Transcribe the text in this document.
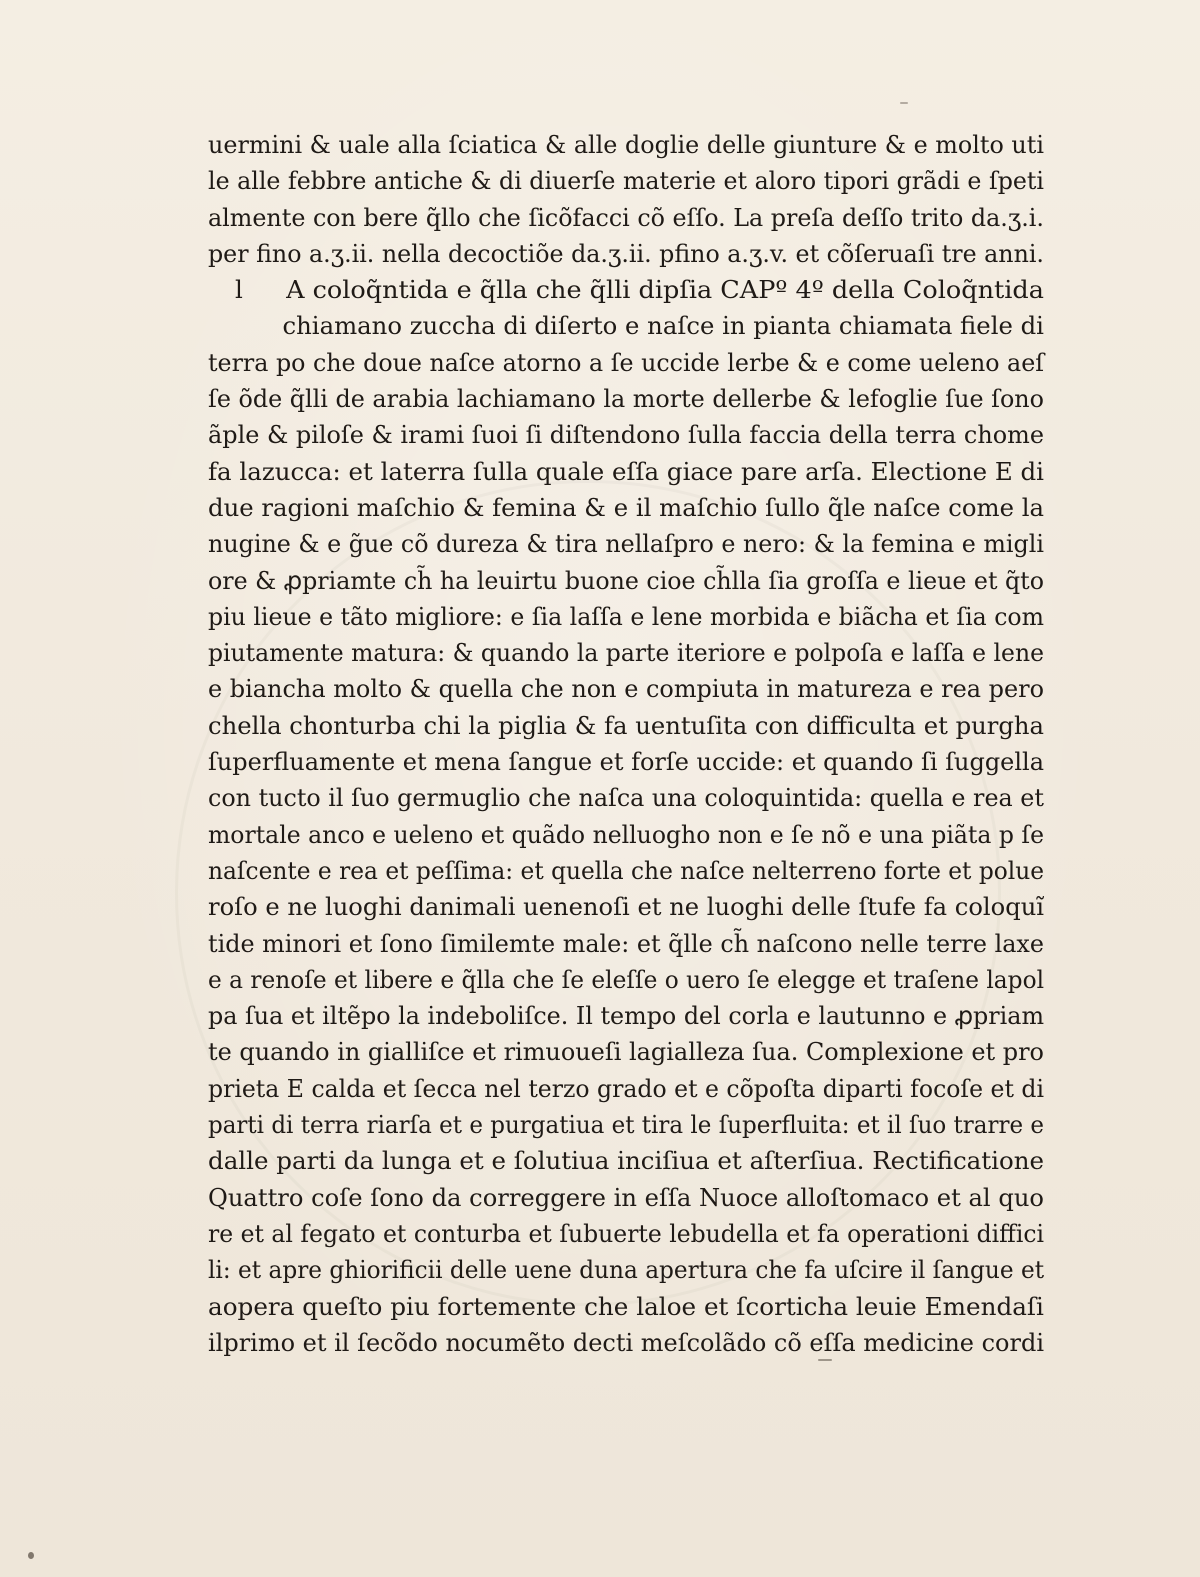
uermini & uale alla ſciatica & alle doglie delle giunture & e molto uti
le alle febbre antiche & di diuerſe materie et aloro tipori grãdi e ſpeti
almente con bere q̃llo che ſicõfacci cõ eſſo. La preſa deſſo trito da.ʒ.i.
per fino a.ʒ.ii. nella decoctiõe da.ʒ.ii. pfino a.ʒ.v. et cõſeruaſi tre anni.
l A coloq̃ntida e q̃lla che q̃lli dipſia CAPº 4º della Coloq̃ntida
chiamano zuccha di diſerto e naſce in pianta chiamata fiele di
terra po che doue naſce atorno a ſe uccide lerbe & e come ueleno aeſ
ſe õde q̃lli de arabia lachiamano la morte dellerbe & lefoglie ſue ſono
ãple & piloſe & irami ſuoi ſi diſtendono ſulla faccia della terra chome
fa lazucca: et laterra ſulla quale eſſa giace pare arſa. Electione E di
due ragioni maſchio & femina & e il maſchio ſullo q̃le naſce come la
nugine & e g̃ue cõ dureza & tira nellaſpro e nero: & la femina e migli
ore & ꝓpriamte ch̃ ha leuirtu buone cioe ch̃lla ſia groſſa e lieue et q̃to
piu lieue e tãto migliore: e ſia laſſa e lene morbida e biãcha et ſia com
piutamente matura: & quando la parte iteriore e polpoſa e laſſa e lene
e biancha molto & quella che non e compiuta in matureza e rea pero
chella chonturba chi la piglia & fa uentuſita con difficulta et purgha
ſuperfluamente et mena ſangue et forſe uccide: et quando ſi ſuggella
con tucto il ſuo germuglio che naſca una coloquintida: quella e rea et
mortale anco e ueleno et quãdo nelluogho non e ſe nõ e una piãta p ſe
naſcente e rea et peſſima: et quella che naſce nelterreno forte et polue
roſo e ne luoghi danimali uenenoſi et ne luoghi delle ſtufe fa coloquĩ
tide minori et ſono ſimilemte male: et q̃lle ch̃ naſcono nelle terre laxe
e a renoſe et libere e q̃lla che ſe eleſſe o uero ſe elegge et traſene lapol
pa ſua et iltẽpo la indeboliſce. Il tempo del corla e lautunno e ꝓpriam
te quando in gialliſce et rimuoueſi lagialleza ſua. Complexione et pro
prieta E calda et ſecca nel terzo grado et e cõpoſta diparti focoſe et di
parti di terra riarſa et e purgatiua et tira le ſuperfluita: et il ſuo trarre e
dalle parti da lunga et e ſolutiua inciſiua et aſterſiua. Rectificatione
Quattro coſe ſono da correggere in eſſa Nuoce alloſtomaco et al quo
re et al fegato et conturba et ſubuerte lebudella et fa operationi diffici
li: et apre ghiorificii delle uene duna apertura che fa uſcire il ſangue et
aopera queſto piu fortemente che laloe et ſcorticha leuie Emendaſi
ilprimo et il ſecõdo nocumẽto decti meſcolãdo cõ eſſa medicine cordi
